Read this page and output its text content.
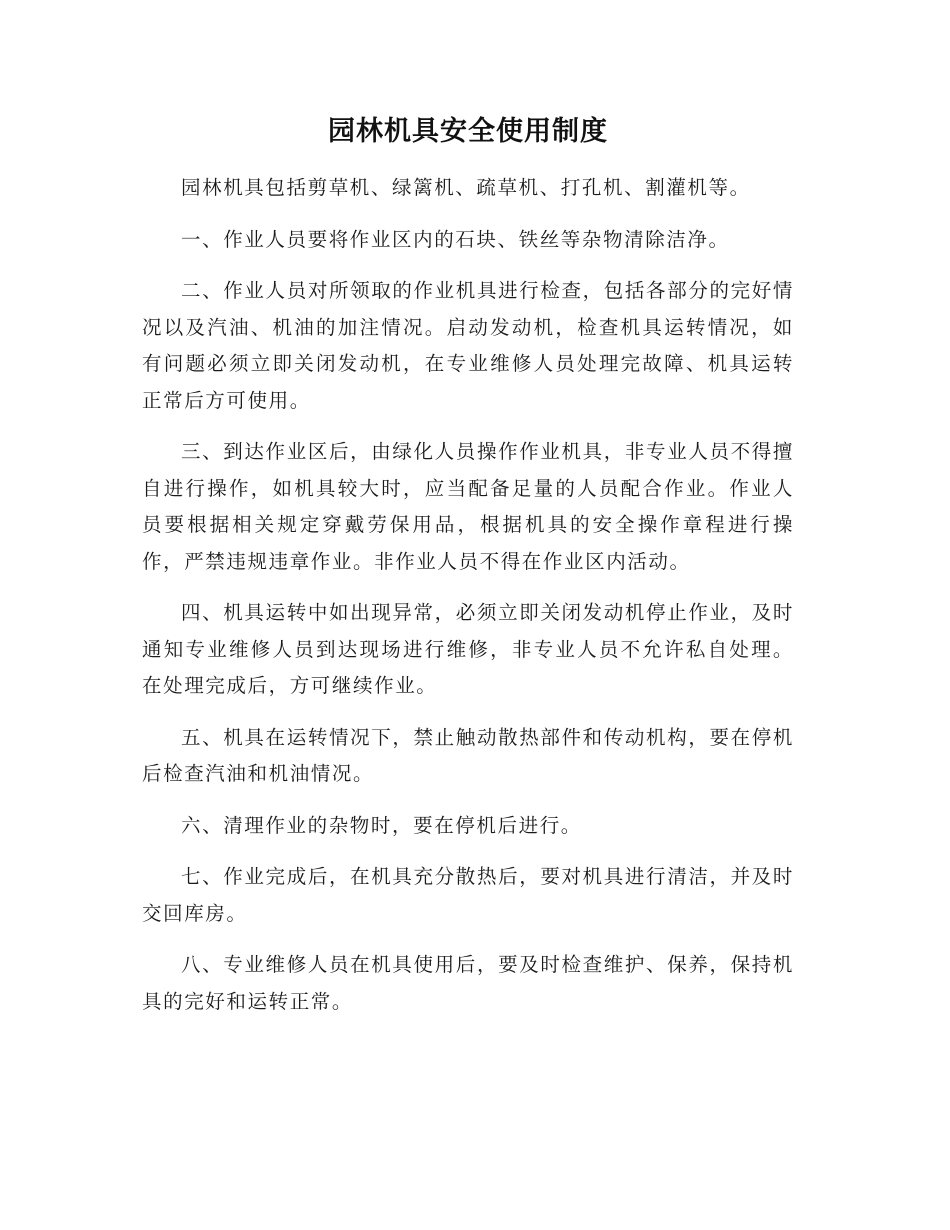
园林机具安全使用制度

园林机具包括剪草机、绿篱机、疏草机、打孔机、割灌机等。

一、作业人员要将作业区内的石块、铁丝等杂物清除洁净。

二、作业人员对所领取的作业机具进行检查，包括各部分的完好情况以及汽油、机油的加注情况。启动发动机，检查机具运转情况，如有问题必须立即关闭发动机，在专业维修人员处理完故障、机具运转正常后方可使用。

三、到达作业区后，由绿化人员操作作业机具，非专业人员不得擅自进行操作，如机具较大时，应当配备足量的人员配合作业。作业人员要根据相关规定穿戴劳保用品，根据机具的安全操作章程进行操作，严禁违规违章作业。非作业人员不得在作业区内活动。

四、机具运转中如出现异常，必须立即关闭发动机停止作业，及时通知专业维修人员到达现场进行维修，非专业人员不允许私自处理。在处理完成后，方可继续作业。

五、机具在运转情况下，禁止触动散热部件和传动机构，要在停机后检查汽油和机油情况。

六、清理作业的杂物时，要在停机后进行。

七、作业完成后，在机具充分散热后，要对机具进行清洁，并及时交回库房。

八、专业维修人员在机具使用后，要及时检查维护、保养，保持机具的完好和运转正常。
